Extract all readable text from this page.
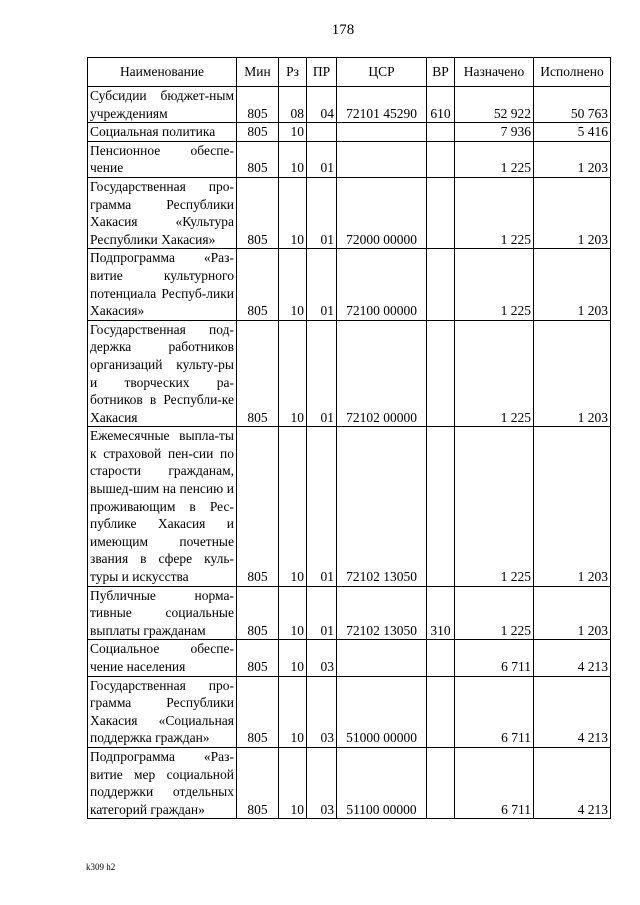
178
Наименование	Мин	Рз	ПР	ЦСР	ВР	Назначено	Исполнено
Субсидии бюджет-ным учреждениям	805	08	04	72101 45290	610	52 922	50 763
Социальная политика	805	10				7 936	5 416
Пенсионное обеспе-чение	805	10	01			1 225	1 203
Государственная про-грамма Республики Хакасия «Культура Республики Хакасия»	805	10	01	72000 00000		1 225	1 203
Подпрограмма «Раз-витие культурного потенциала Респуб-лики Хакасия»	805	10	01	72100 00000		1 225	1 203
Государственная под-держка работников организаций культу-ры и творческих ра-ботников в Республи-ке Хакасия	805	10	01	72102 00000		1 225	1 203
Ежемесячные выпла-ты к страховой пен-сии по старости гражданам, вышед-шим на пенсию и проживающим в Рес-публике Хакасия и имеющим почетные звания в сфере куль-туры и искусства	805	10	01	72102 13050		1 225	1 203
Публичные норма-тивные социальные выплаты гражданам	805	10	01	72102 13050	310	1 225	1 203
Социальное обеспе-чение населения	805	10	03			6 711	4 213
Государственная про-грамма Республики Хакасия «Социальная поддержка граждан»	805	10	03	51000 00000		6 711	4 213
Подпрограмма «Раз-витие мер социальной поддержки отдельных категорий граждан»	805	10	03	51100 00000		6 711	4 213
k309 h2
